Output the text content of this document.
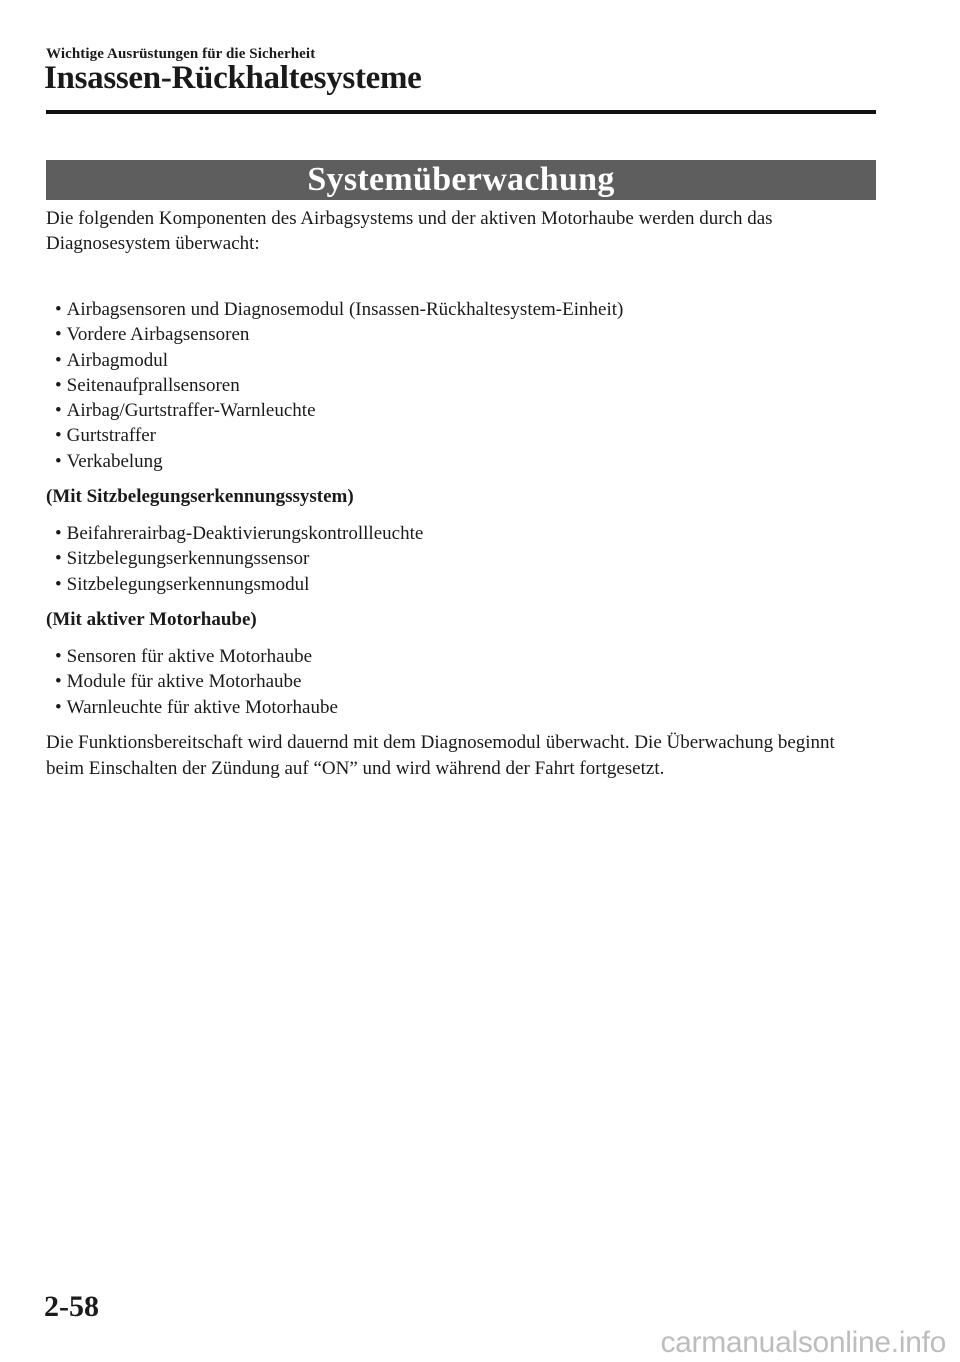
Wichtige Ausrüstungen für die Sicherheit
Insassen-Rückhaltesysteme
Systemüberwachung

Die folgenden Komponenten des Airbagsystems und der aktiven Motorhaube werden durch das Diagnosesystem überwacht:

• Airbagsensoren und Diagnosemodul (Insassen-Rückhaltesystem-Einheit)
• Vordere Airbagsensoren
• Airbagmodul
• Seitenaufprallsensoren
• Airbag/Gurtstraffer-Warnleuchte
• Gurtstraffer
• Verkabelung

(Mit Sitzbelegungserkennungssystem)

• Beifahrerairbag-Deaktivierungskontrollleuchte
• Sitzbelegungserkennungssensor
• Sitzbelegungserkennungsmodul

(Mit aktiver Motorhaube)

• Sensoren für aktive Motorhaube
• Module für aktive Motorhaube
• Warnleuchte für aktive Motorhaube

Die Funktionsbereitschaft wird dauernd mit dem Diagnosemodul überwacht. Die Überwachung beginnt beim Einschalten der Zündung auf “ON” und wird während der Fahrt fortgesetzt.

2-58
carmanualsonline.info
